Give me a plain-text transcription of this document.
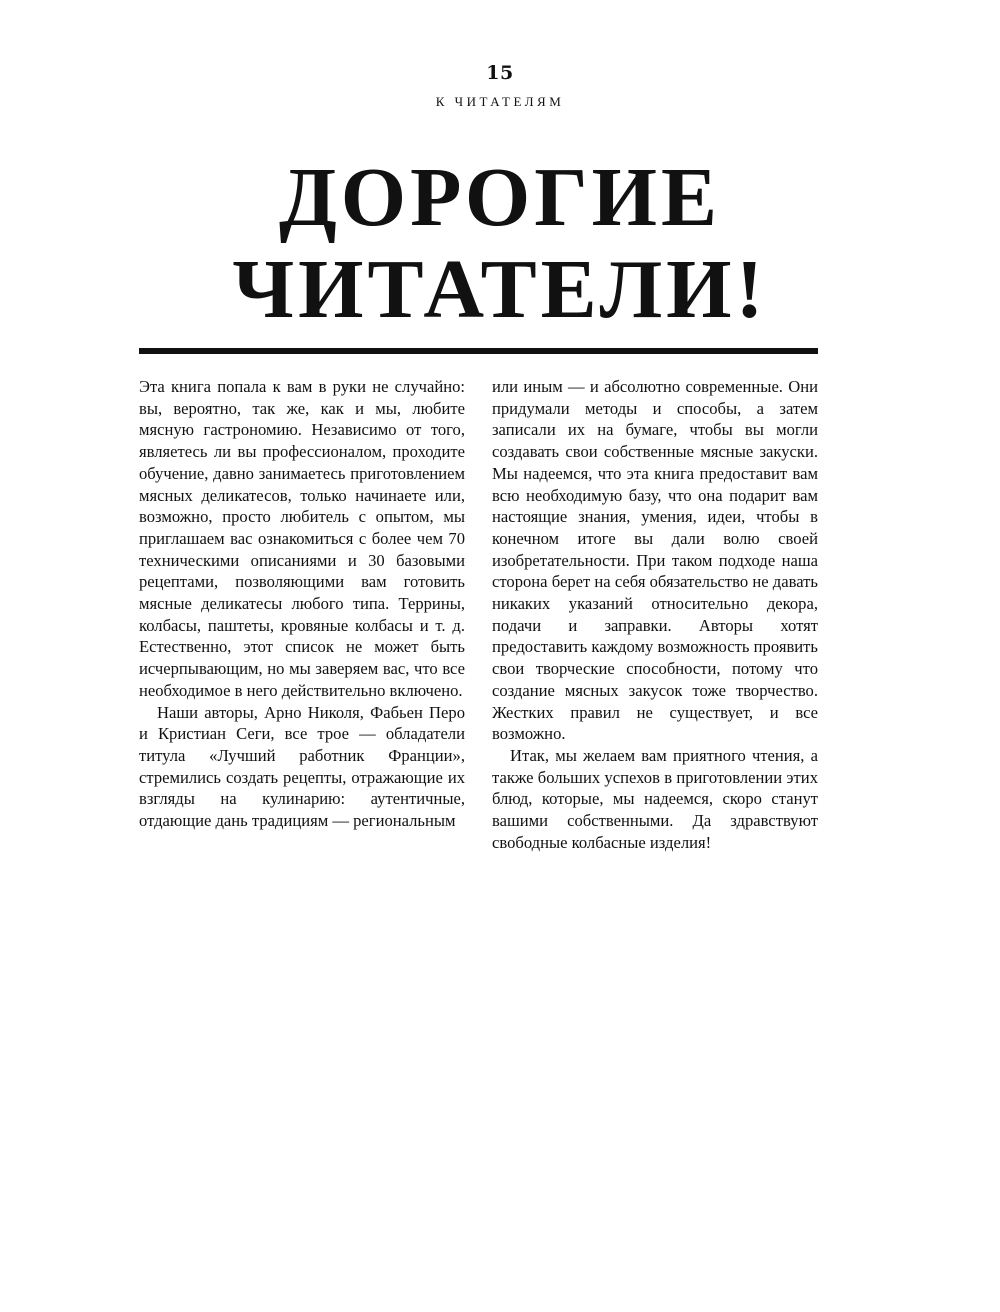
15
К ЧИТАТЕЛЯМ
ДОРОГИЕ
ЧИТАТЕЛИ!

Эта книга попала к вам в руки не случайно: вы, вероятно, так же, как и мы, любите мясную гастрономию. Независимо от того, являетесь ли вы профессионалом, проходите обучение, давно занимаетесь приготовлением мясных деликатесов, только начинаете или, возможно, просто любитель с опытом, мы приглашаем вас ознакомиться с более чем 70 техническими описаниями и 30 базовыми рецептами, позволяющими вам готовить мясные деликатесы любого типа. Террины, колбасы, паштеты, кровяные колбасы и т. д. Естественно, этот список не может быть исчерпывающим, но мы заверяем вас, что все необходимое в него действительно включено.

Наши авторы, Арно Николя, Фабьен Перо и Кристиан Сеги, все трое — обладатели титула «Лучший работник Франции», стремились создать рецепты, отражающие их взгляды на кулинарию: аутентичные, отдающие дань традициям — региональным

или иным — и абсолютно современные. Они придумали методы и способы, а затем записали их на бумаге, чтобы вы могли создавать свои собственные мясные закуски. Мы надеемся, что эта книга предоставит вам всю необходимую базу, что она подарит вам настоящие знания, умения, идеи, чтобы в конечном итоге вы дали волю своей изобретательности. При таком подходе наша сторона берет на себя обязательство не давать никаких указаний относительно декора, подачи и заправки. Авторы хотят предоставить каждому возможность проявить свои творческие способности, потому что создание мясных закусок тоже творчество. Жестких правил не существует, и все возможно.

Итак, мы желаем вам приятного чтения, а также больших успехов в приготовлении этих блюд, которые, мы надеемся, скоро станут вашими собственными. Да здравствуют свободные колбасные изделия!
